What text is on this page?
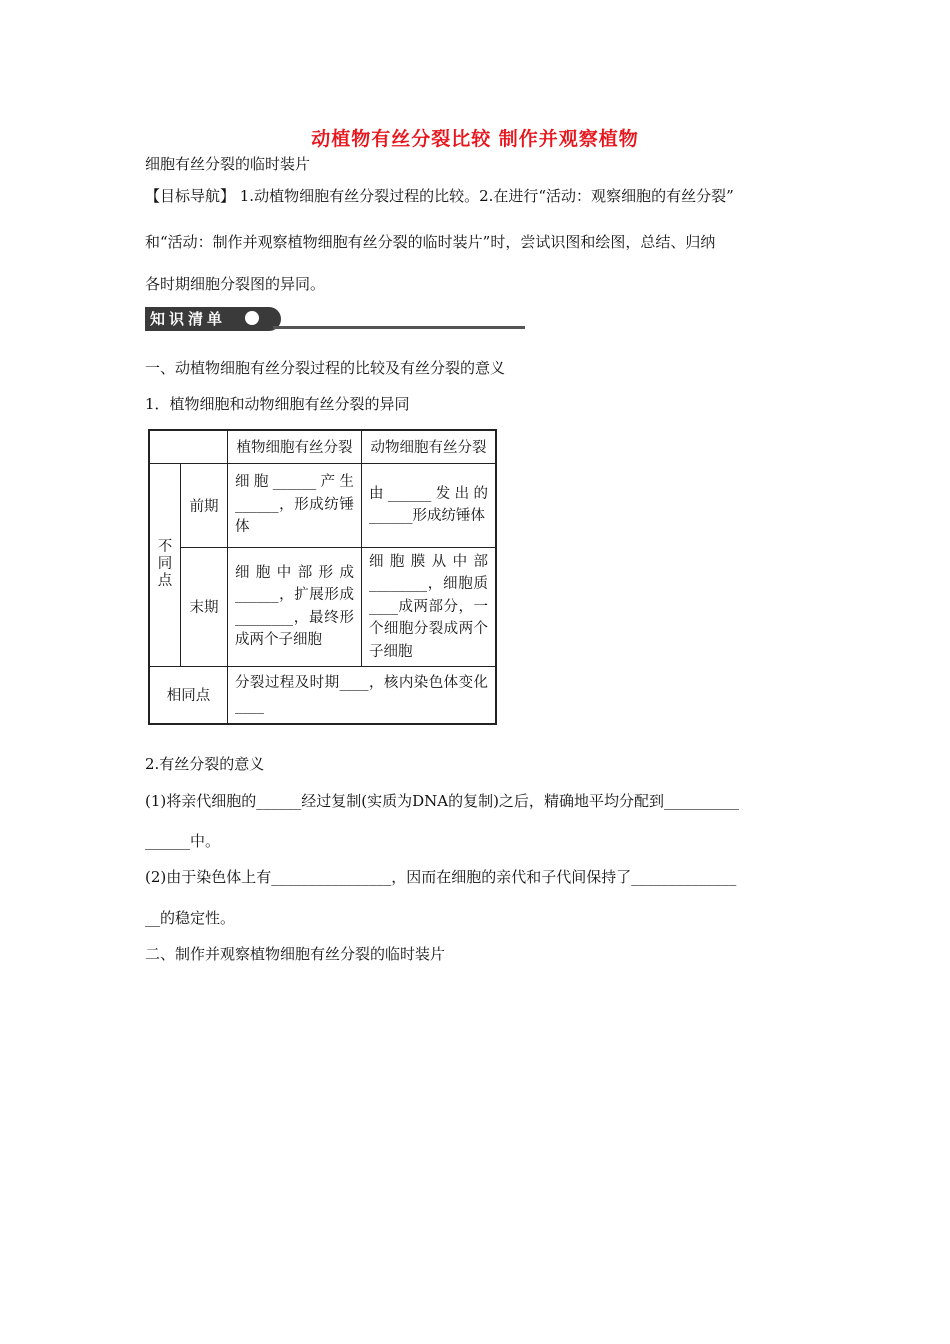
动植物有丝分裂比较 制作并观察植物
细胞有丝分裂的临时装片
【目标导航】 1.动植物细胞有丝分裂过程的比较。2.在进行“活动：观察细胞的有丝分裂”
和“活动：制作并观察植物细胞有丝分裂的临时装片”时，尝试识图和绘图，总结、归纳
各时期细胞分裂图的异同。
知识清单
一、动植物细胞有丝分裂过程的比较及有丝分裂的意义
1．植物细胞和动物细胞有丝分裂的异同
		植物细胞有丝分裂	动物细胞有丝分裂
不同点	前期	细胞______产生______，形成纺锤体	由______发出的______形成纺锤体

	末期	细胞中部形成______，扩展形成________，最终形成两个子细胞	细胞膜从中部________，细胞质____成两部分，一个细胞分裂成两个子细胞

相同点		分裂过程及时期____，核内染色体变化____	
2.有丝分裂的意义
(1)将亲代细胞的______经过复制(实质为DNA的复制)之后，精确地平均分配到__________
______中。
(2)由于染色体上有________________，因而在细胞的亲代和子代间保持了______________
__的稳定性。
二、制作并观察植物细胞有丝分裂的临时装片
